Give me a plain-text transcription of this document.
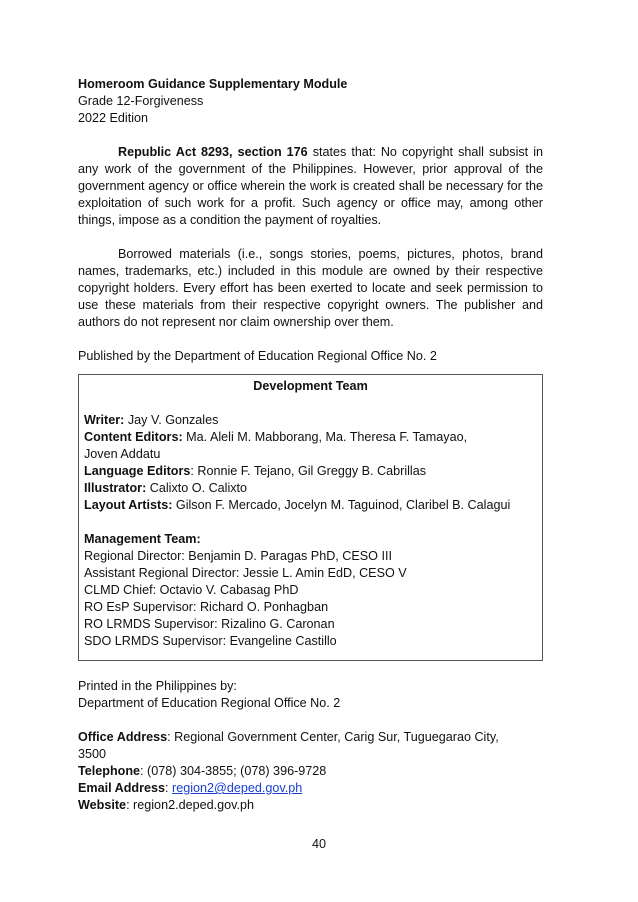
Homeroom Guidance Supplementary Module
Grade 12-Forgiveness
2022 Edition

Republic Act 8293, section 176 states that: No copyright shall subsist in any work of the government of the Philippines. However, prior approval of the government agency or office wherein the work is created shall be necessary for the exploitation of such work for a profit. Such agency or office may, among other things, impose as a condition the payment of royalties.

Borrowed materials (i.e., songs stories, poems, pictures, photos, brand names, trademarks, etc.) included in this module are owned by their respective copyright holders. Every effort has been exerted to locate and seek permission to use these materials from their respective copyright owners. The publisher and authors do not represent nor claim ownership over them.

Published by the Department of Education Regional Office No. 2
Development Team
Writer: Jay V. Gonzales
Content Editors: Ma. Aleli M. Mabborang, Ma. Theresa F. Tamayao,
Joven Addatu
Language Editors: Ronnie F. Tejano, Gil Greggy B. Cabrillas
Illustrator: Calixto O. Calixto
Layout Artists: Gilson F. Mercado, Jocelyn M. Taguinod, Claribel B. Calagui
Management Team:
Regional Director: Benjamin D. Paragas PhD, CESO III
Assistant Regional Director: Jessie L. Amin EdD, CESO V
CLMD Chief: Octavio V. Cabasag PhD
RO EsP Supervisor: Richard O. Ponhagban
RO LRMDS Supervisor: Rizalino G. Caronan
SDO LRMDS Supervisor: Evangeline Castillo
Printed in the Philippines by:
Department of Education Regional Office No. 2
Office Address: Regional Government Center, Carig Sur, Tuguegarao City,
3500
Telephone: (078) 304-3855; (078) 396-9728
Email Address: region2@deped.gov.ph
Website: region2.deped.gov.ph
40
